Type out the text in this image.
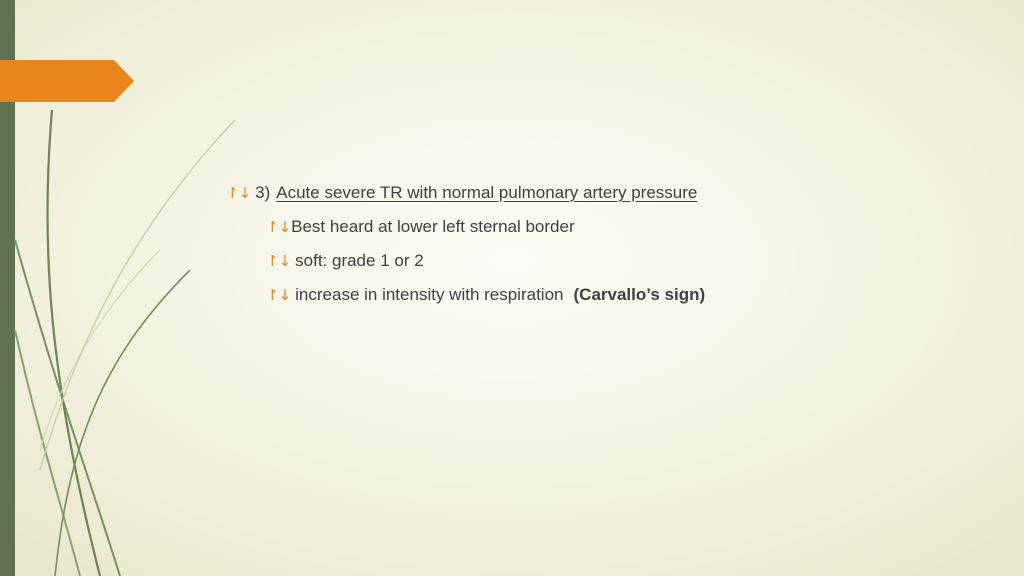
↾↓ 3) Acute severe TR with normal pulmonary artery pressure
↾↓ Best heard at lower left sternal border
↾↓ soft: grade 1 or 2
↾↓ increase in intensity with respiration (Carvallo’s sign)
